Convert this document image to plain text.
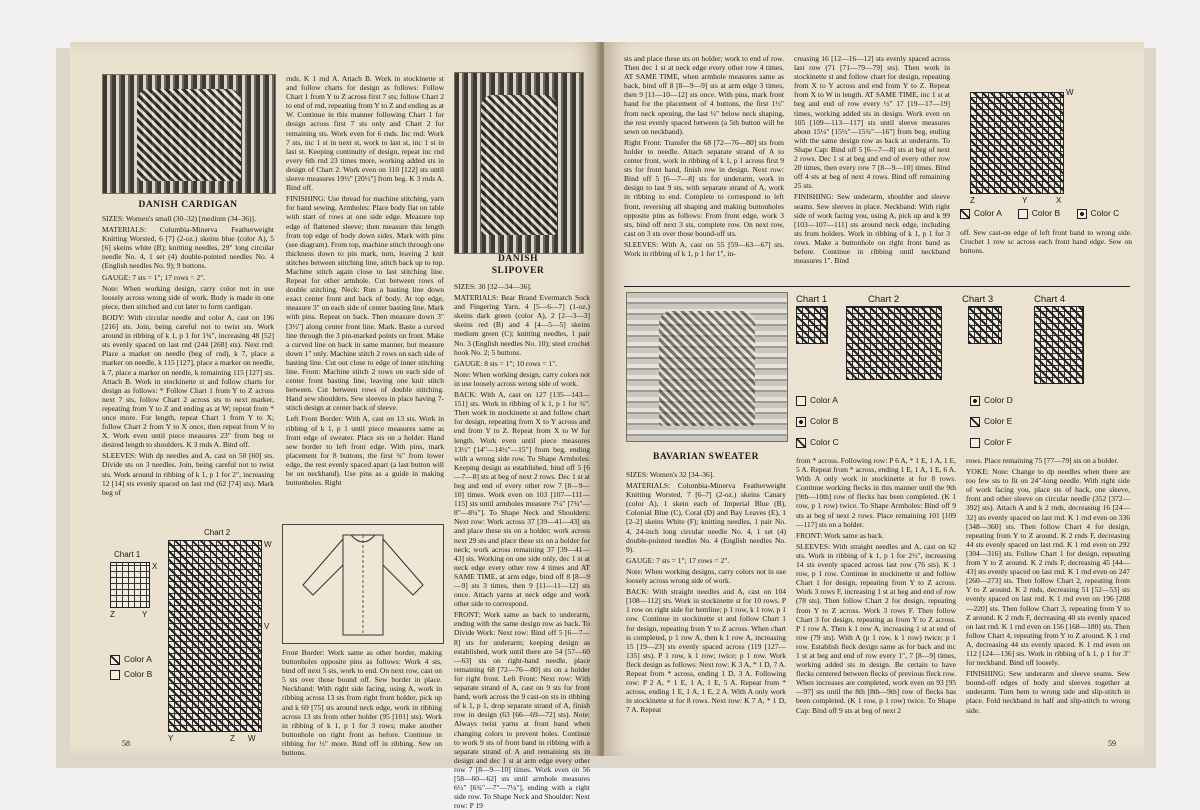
DANISH CARDIGAN

SIZES: Women's small (30–32) [medium (34–36)].

MATERIALS: Columbia-Minerva Featherweight Knitting Worsted, 6 [7] (2-oz.) skeins blue (color A), 5 [6] skeins white (B); knitting needles, 29" long circular needle No. 4, 1 set (4) double-pointed needles No. 4 (English needles No. 9); 9 buttons.

GAUGE: 7 sts = 1"; 17 rows = 2".

Note: When working design, carry color not in use loosely across wrong side of work. Body is made in one piece, then stitched and cut later to form cardigan.

BODY: With circular needle and color A, cast on 196 [216] sts. Join, being careful not to twist sts. Work around in ribbing of k 1, p 1 for 1¾", increasing 48 [52] sts evenly spaced on last rnd (244 [268] sts). Next rnd: Place a marker on needle (beg of rnd), k 7, place a marker on needle, k 115 [127], place a marker on needle, k 7, place a marker on needle, k remaining 115 [127] sts. Attach B. Work in stockinette st and follow charts for design as follows: * Follow Chart 1 from Y to Z across next 7 sts, follow Chart 2 across sts to next marker, repeating from Y to Z and ending as at W; repeat from * once more. For length, repeat Chart 1 from Y to X; follow Chart 2 from Y to X once, then repeat from V to X. Work even until piece measures 23" from beg or desired length to shoulders. K 3 rnds A. Bind off.

SLEEVES: With dp needles and A, cast on 50 [60] sts. Divide sts on 3 needles. Join, being careful not to twist sts. Work around in ribbing of k 1, p 1 for 2", increasing 12 [14] sts evenly spaced on last rnd (62 [74] sts). Mark beg of

rnds. K 1 rnd A. Attach B. Work in stockinette st and follow charts for design as follows: Follow Chart 1 from Y to Z across first 7 sts; follow Chart 2 to end of rnd, repeating from Y to Z and ending as at W. Continue in this manner following Chart 1 for design across first 7 sts only and Chart 2 for remaining sts. Work even for 6 rnds. Inc rnd: Work 7 sts, inc 1 st in next st, work to last st, inc 1 st in last st. Keeping continuity of design, repeat inc rnd every 6th rnd 23 times more, working added sts in design of Chart 2. Work even on 110 [122] sts until sleeve measures 19½" [20½"] from beg. K 3 rnds A. Bind off.

FINISHING: Use thread for machine stitching, yarn for hand sewing. Armholes: Place body flat on table with start of rows at one side edge. Measure top edge of flattened sleeve; then measure this length from top edge of body down sides. Mark with pins (see diagram). From top, machine stitch through one thickness down to pin mark, turn, leaving 2 knit stitches between stitching line, stitch back up to top. Machine stitch again close to last stitching line. Repeat for other armhole. Cut between rows of double stitching. Neck: Run a basting line down exact center front and back of body. At top edge, measure 3" on each side of center basting line. Mark with pins. Repeat on back. Then measure down 3" [3½"] along center front line. Mark. Baste a curved line through the 3 pin-marked points on front. Make a curved line on back in same manner, but measure down 1" only. Machine stitch 2 rows on each side of basting line. Cut out close to edge of inner stitching line. Front: Machine stitch 2 rows on each side of center front basting line, leaving one knit stitch between. Cut between rows of double stitching. Hand sew shoulders. Sew sleeves in place having 7-stitch design at center back of sleeve.

Left Front Border: With A, cast on 13 sts. Work in ribbing of k 1, p 1 until piece measures same as front edge of sweater. Place sts on a holder. Hand sew border to left front edge. With pins, mark placement for 8 buttons, the first ¾" from lower edge, the rest evenly spaced apart (a last button will be on neckband). Use pins as a guide in making buttonholes. Right

Chart 1
X
Z	Y
Chart 2
W
V
Y	Z W
Color A
Color B

Front Border: Work same as other border, making buttonholes opposite pins as follows: Work 4 sts, bind off next 5 sts, work to end. On next row, cast on 5 sts over those bound off. Sew border in place. Neckband: With right side facing, using A, work in ribbing across 13 sts from right front holder, pick up and k 69 [75] sts around neck edge, work in ribbing across 13 sts from other holder (95 [101] sts). Work in ribbing of k 1, p 1 for 3 rows; make another buttonhole on right front as before. Continue in ribbing for ½" more. Bind off in ribbing. Sew on buttons.

DANISH
SLIPOVER

SIZES: 30 [32—34—36].

MATERIALS: Bear Brand Evermatch Sock and Fingering Yarn, 4 [5—6—7] (1-oz.) skeins dark green (color A), 2 [2—3—3] skeins red (B) and 4 [4—5—5] skeins medium green (C); knitting needles, 1 pair No. 3 (English needles No. 10); steel crochet hook No. 2; 5 buttons.

GAUGE: 8 sts = 1"; 10 rows = 1".

Note: When working design, carry colors not in use loosely across wrong side of work.

BACK: With A, cast on 127 [135—143—151] sts. Work in ribbing of k 1, p 1 for ¾". Then work in stockinette st and follow chart for design, repeating from X to Y across and end from Y to Z. Repeat from X to W for length. Work even until piece measures 13½" [14"—14½"—15"] from beg, ending with a wrong side row. To Shape Armholes: Keeping design as established, bind off 5 [6—7—8] sts at beg of next 2 rows. Dec 1 st at beg and end of every other row 7 [8—9—10] times. Work even on 103 [107—111—115] sts until armholes measure 7¼" [7¾"—8"—8¼"]. To Shape Neck and Shoulders: Next row: Work across 37 [39—41—43] sts and place these sts on a holder; work across next 29 sts and place these sts on a holder for neck; work across remaining 37 [39—41—43] sts. Working on one side only, dec 1 st at neck edge every other row 4 times and AT SAME TIME, at arm edge, bind off 8 [8—9—9] sts 3 times, then 9 [11—11—12] sts once. Attach yarns at neck edge and work other side to correspond.

FRONT: Work same as back to underarm, ending with the same design row as back. To Divide Work: Next row: Bind off 5 [6—7—8] sts for underarm; keeping design as established, work until there are 54 [57—60—63] sts on right-hand needle, place remaining 68 [72—76—80] sts on a holder for right front. Left Front: Next row: With separate strand of A, cast on 9 sts for front band, work across the 9 cast-on sts in ribbing of k 1, p 1, drop separate strand of A, finish row in design (63 [66—69—72] sts). Note: Always twist yarns at front band when changing colors to prevent holes. Continue to work 9 sts of front band in ribbing with a separate strand of A and remaining sts in design and dec 1 st at arm edge every other row 7 [8—9—10] times. Work even on 56 [58—60—62] sts until armhole measures 6½" [6¾"—7"—7¼"], ending with a right side row. To Shape Neck and Shoulder: Next row: P 19

58

sts and place these sts on holder; work to end of row. Then dec 1 st at neck edge every other row 4 times. AT SAME TIME, when armhole measures same as back, bind off 8 [8—9—9] sts at arm edge 3 times, then 9 [11—10—12] sts once. With pins, mark front band for the placement of 4 buttons, the first 1½" from neck opening, the last ½" below neck shaping, the rest evenly spaced between (a 5th button will be sewn on neckband).

Right Front: Transfer the 68 [72—76—80] sts from holder to needle. Attach separate strand of A to center front, work in ribbing of k 1, p 1 across first 9 sts for front band, finish row in design. Next row: Bind off 5 [6—7—8] sts for underarm, work in design to last 9 sts, with separate strand of A, work in ribbing to end. Complete to correspond to left front, reversing all shaping and making buttonholes opposite pins as follows: From front edge, work 3 sts, bind off next 3 sts, complete row. On next row, cast on 3 sts over those bound-off sts.

SLEEVES: With A, cast on 55 [59—63—67] sts. Work in ribbing of k 1, p 1 for 1", in-

creasing 16 [12—16—12] sts evenly spaced across last row (71 [71—79—79] sts). Then work in stockinette st and follow chart for design, repeating from X to Y across and end from Y to Z. Repeat from X to W in length. AT SAME TIME, inc 1 st at beg and end of row every ½" 17 [19—17—19] times, working added sts in design. Work even on 105 [109—113—117] sts until sleeve measures about 15¼" [15½"—15¾"—16"] from beg, ending with the same design row as back at underarm. To Shape Cap: Bind off 5 [6—7—8] sts at beg of next 2 rows. Dec 1 st at beg and end of every other row 20 times, then every row 7 [8—9—10] times. Bind off 4 sts at beg of next 4 rows. Bind off remaining 25 sts.

FINISHING: Sew underarm, shoulder and sleeve seams. Sew sleeves in place. Neckband: With right side of work facing you, using A, pick up and k 99 [103—107—111] sts around neck edge, including sts from holders. Work in ribbing of k 1, p 1 for 3 rows. Make a buttonhole on right front band as before. Continue in ribbing until neckband measures 1". Bind

W
Z	Y	X
Color A	Color B	Color C

off. Sew cast-on edge of left front band to wrong side. Crochet 1 row sc across each front band edge. Sew on buttons.

BAVARIAN SWEATER
Chart 1	Chart 2	Chart 3	Chart 4
Color A
Color B
Color C
Color D
Color E
Color F

SIZES: Women's 32 [34–36].

MATERIALS: Columbia-Minerva Featherweight Knitting Worsted, 7 [6–7] (2-oz.) skeins Canary (color A), 1 skein each of Imperial Blue (B), Colonial Blue (C), Coral (D) and Bay Leaves (E), 1 [2–2] skeins White (F); knitting needles, 1 pair No. 4, 24-inch long circular needle No. 4, 1 set (4) double-pointed needles No. 4 (English needles No. 9).

GAUGE: 7 sts = 1"; 17 rows = 2".

Note: When working designs, carry colors not in use loosely across wrong side of work.

BACK: With straight needles and A, cast on 104 [108—112] sts. Work in stockinette st for 10 rows. P 1 row on right side for hemline; p 1 row, k 1 row, p 1 row. Continue in stockinette st and follow Chart 1 for design, repeating from Y to Z across. When chart is completed, p 1 row A, then k 1 row A, increasing 15 [19—23] sts evenly spaced across (119 [127—135] sts). P 1 row, k 1 row; twice; p 1 row. Work fleck design as follows: Next row: K 3 A, * 1 D, 7 A. Repeat from * across, ending 1 D, 3 A. Following row: P 2 A, * 1 E, 1 A, 1 E, 5 A. Repeat from * across, ending 1 E, 1 A, 1 E, 2 A. With A only work in stockinette st for 8 rows. Next row: K 7 A, * 1 D, 7 A. Repeat

from * across. Following row: P 6 A, * 1 E, 1 A, 1 E, 5 A. Repeat from * across, ending 1 E, 1 A, 1 E, 6 A. With A only work in stockinette st for 8 rows. Continue working flecks in this manner until the 9th [9th—10th] row of flecks has been completed. (K 1 row, p 1 row) twice. To Shape Armholes: Bind off 9 sts at beg of next 2 rows. Place remaining 101 [109—117] sts on a holder.

FRONT: Work same as back.

SLEEVES: With straight needles and A, cast on 62 sts. Work in ribbing of k 1, p 1 for 2½", increasing 14 sts evenly spaced across last row (76 sts). K 1 row, p 1 row. Continue in stockinette st and follow Chart 1 for design, repeating from Y to Z across. Work 3 rows F, increasing 1 st at beg and end of row (78 sts). Then follow Chart 2 for design, repeating from Y to Z across. Work 3 rows F. Then follow Chart 3 for design, repeating as from Y to Z across. P 1 row A. Then k 1 row A, increasing 1 st at end of row (79 sts). With A (p 1 row, k 1 row) twice; p 1 row. Establish fleck design same as for back and inc 1 st at beg and end of row every 1", 7 [8—9] times, working added sts in design. Be certain to have flecks centered between flecks of previous fleck row. When increases are completed, work even on 93 [95—97] sts until the 8th [8th—9th] row of flecks has been completed. (K 1 row, p 1 row) twice. To Shape Cap: Bind off 9 sts at beg of next 2

rows. Place remaining 75 [77—79] sts on a holder.

YOKE: Note: Change to dp needles when there are too few sts to fit on 24"-long needle. With right side of work facing you, place sts of back, one sleeve, front and other sleeve on circular needle (352 [372—392] sts). Attach A and k 2 rnds, decreasing 16 [24—32] sts evenly spaced on last rnd. K 1 rnd even on 336 [348—360] sts. Then follow Chart 4 for design, repeating from Y to Z around. K 2 rnds F, decreasing 44 sts evenly spaced on last rnd. K 1 rnd even on 292 [304—316] sts. Follow Chart 1 for design, repeating from Y to Z around. K 2 rnds F, decreasing 45 [44—43] sts evenly spaced on last rnd. K 1 rnd even on 247 [260—273] sts. Then follow Chart 2, repeating from Y to Z around. K 2 rnds, decreasing 51 [52—53] sts evenly spaced on last rnd. K 1 rnd even on 196 [208—220] sts. Then follow Chart 3, repeating from Y to Z around. K 2 rnds F, decreasing 40 sts evenly spaced on last rnd. K 1 rnd even on 156 [168—180] sts. Then follow Chart 4, repeating from Y to Z around. K 1 rnd A, decreasing 44 sts evenly spaced. K 1 rnd even on 112 [124—136] sts. Work in ribbing of k 1, p 1 for 3" for neckband. Bind off loosely.

FINISHING: Sew underarm and sleeve seams. Sew bound-off edges of body and sleeves together at underarm. Turn hem to wrong side and slip-stitch in place. Fold neckband in half and slip-stitch to wrong side.

59
